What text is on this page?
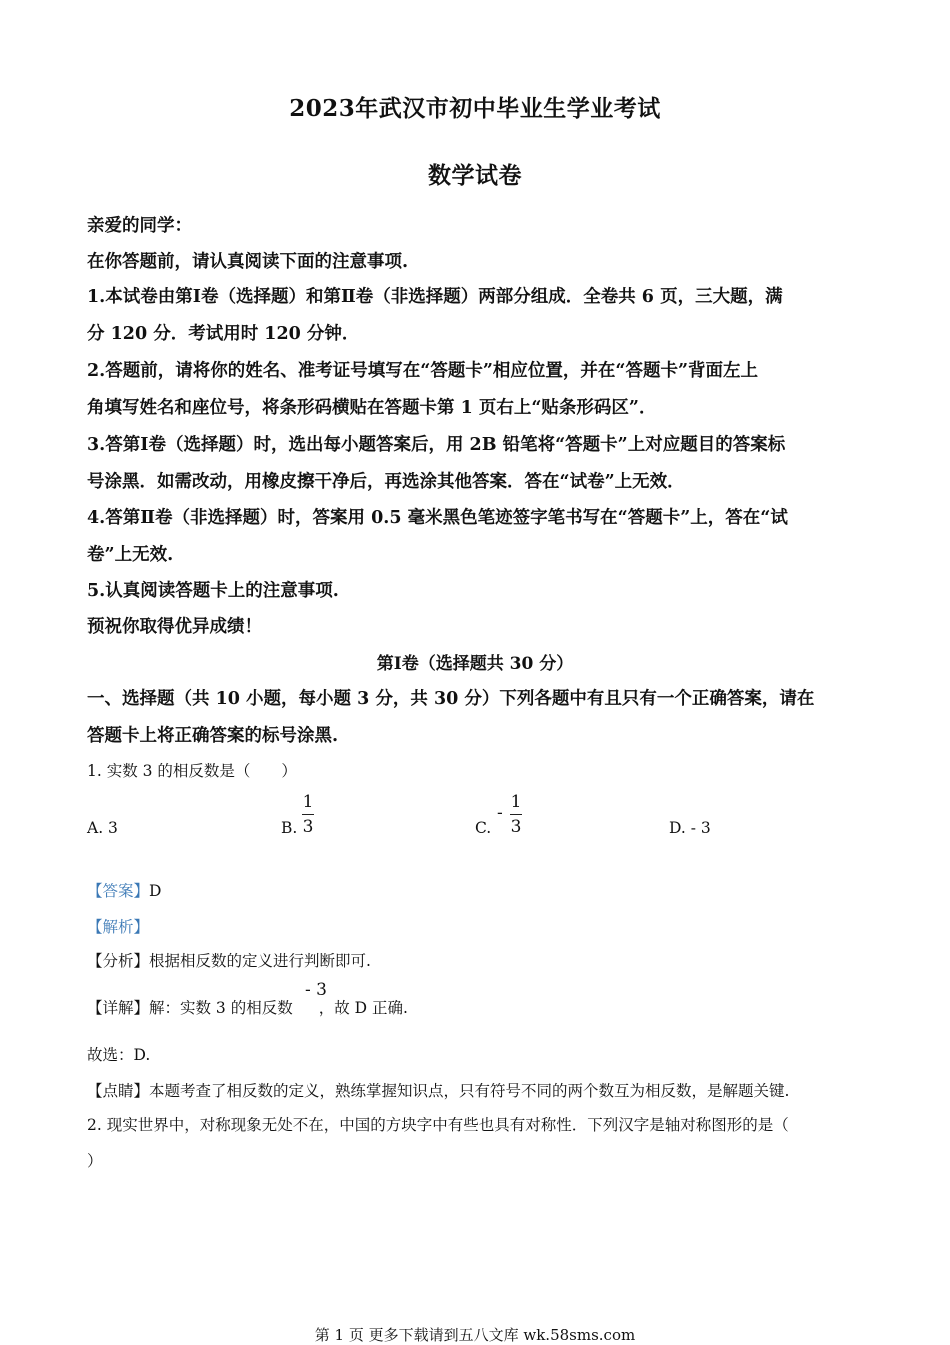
2023年武汉市初中毕业生学业考试
数学试卷
亲爱的同学：
在你答题前，请认真阅读下面的注意事项.
1.本试卷由第Ⅰ卷（选择题）和第Ⅱ卷（非选择题）两部分组成．全卷共 6 页，三大题，满
分 120 分．考试用时 120 分钟．
2.答题前，请将你的姓名、准考证号填写在“答题卡”相应位置，并在“答题卡”背面左上
角填写姓名和座位号，将条形码横贴在答题卡第 1 页右上“贴条形码区”．
3.答第Ⅰ卷（选择题）时，选出每小题答案后，用 2B 铅笔将“答题卡”上对应题目的答案标
号涂黑．如需改动，用橡皮擦干净后，再选涂其他答案．答在“试卷”上无效．
4.答第Ⅱ卷（非选择题）时，答案用 0.5 毫米黑色笔迹签字笔书写在“答题卡”上，答在“试
卷”上无效.
5.认真阅读答题卡上的注意事项.
预祝你取得优异成绩！
第Ⅰ卷（选择题共 30 分）
一、选择题（共 10 小题，每小题 3 分，共 30 分）下列各题中有且只有一个正确答案，请在
答题卡上将正确答案的标号涂黑.
1. 实数 3 的相反数是（　　）
A. 3	B.
1
3	C.
-
1
3	D. - 3
【答案】D
【解析】
【分析】根据相反数的定义进行判断即可.
【详解】解：实数 3 的相反数 ，故 D 正确.
- 3
故选：D.
【点睛】本题考查了相反数的定义，熟练掌握知识点，只有符号不同的两个数互为相反数，是解题关键.
2. 现实世界中，对称现象无处不在，中国的方块字中有些也具有对称性．下列汉字是轴对称图形的是（
）
第 1 页 更多下载请到五八文库 wk.58sms.com
